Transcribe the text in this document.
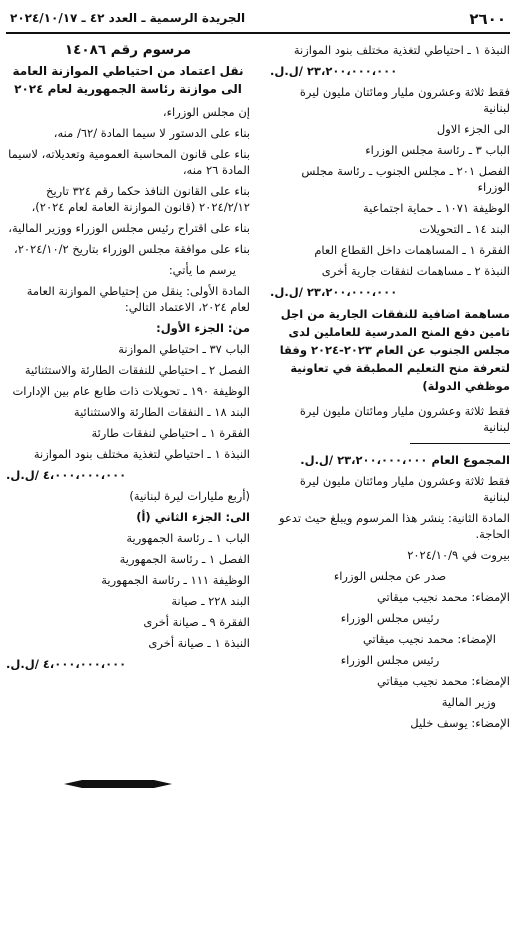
٢٦٠٠
الجريدة الرسمية ـ العدد ٤٢ ـ ٢٠٢٤/١٠/١٧
النبذة ١ ـ احتياطي لتغذية مختلف بنود الموازنة
٢٣،٢٠٠،٠٠٠،٠٠٠ /ل.ل.
فقط ثلاثة وعشرون مليار ومائتان مليون ليرة لبنانية
الى الجزء الاول
الباب ٣ ـ رئاسة مجلس الوزراء
الفصل ٢٠١ ـ مجلس الجنوب ـ رئاسة مجلس الوزراء
الوظيفة ١٠٧١ ـ حماية اجتماعية
البند ١٤ ـ التحويلات
الفقرة ١ ـ المساهمات داخل القطاع العام
النبذة ٢ ـ مساهمات لنفقات جارية أخرى
٢٣،٢٠٠،٠٠٠،٠٠٠ /ل.ل.
مساهمة اضافية للنفقات الجارية من اجل تامين دفع المنح المدرسية للعاملين لدى مجلس الجنوب عن العام ٢٠٢٣-٢٠٢٤ وفقا لتعرفة منح التعليم المطبقة في تعاونية موظفي الدولة)
فقط ثلاثة وعشرون مليار ومائتان مليون ليرة لبنانية
المجموع العام ٢٣،٢٠٠،٠٠٠،٠٠٠ /ل.ل.
فقط ثلاثة وعشرون مليار ومائتان مليون ليرة لبنانية
المادة الثانية: ينشر هذا المرسوم ويبلغ حيث تدعو الحاجة.
بيروت في ٢٠٢٤/١٠/٩
صدر عن مجلس الوزراء
الإمضاء: محمد نجيب ميقاتي
رئيس مجلس الوزراء
الإمضاء: محمد نجيب ميقاتي
رئيس مجلس الوزراء
الإمضاء: محمد نجيب ميقاتي
وزير المالية
الإمضاء: يوسف خليل
مرسوم رقم ١٤٠٨٦
نقل اعتماد من احتياطي الموازنة العامة الى موازنة رئاسة الجمهورية لعام ٢٠٢٤
إن مجلس الوزراء،
بناء على الدستور لا سيما المادة /٦٢/ منه،
بناء على قانون المحاسبة العمومية وتعديلاته، لاسيما المادة ٢٦ منه،
بناء على القانون النافذ حكما رقم ٣٢٤ تاريخ ٢٠٢٤/٢/١٢ (قانون الموازنة العامة لعام ٢٠٢٤)،
بناء على اقتراح رئيس مجلس الوزراء ووزير المالية،
بناء على موافقة مجلس الوزراء بتاريخ ٢٠٢٤/١٠/٢،
يرسم ما يأتي:
المادة الأولى: ينقل من إحتياطي الموازنة العامة لعام ٢٠٢٤، الاعتماد التالي:
من: الجزء الأول:
الباب ٣٧ ـ احتياطي الموازنة
الفصل ٢ ـ احتياطي للنفقات الطارئة والاستثنائية
الوظيفة ١٩٠ ـ تحويلات ذات طابع عام بين الإدارات
البند ١٨ ـ النفقات الطارئة والاستثنائية
الفقرة ١ ـ احتياطي لنفقات طارئة
النبذة ١ ـ احتياطي لتغذية مختلف بنود الموازنة
٤،٠٠٠،٠٠٠،٠٠٠ /ل.ل.
(أربع مليارات ليرة لبنانية)
الى: الجزء الثاني (أ)
الباب ١ ـ رئاسة الجمهورية
الفصل ١ ـ رئاسة الجمهورية
الوظيفة ١١١ ـ رئاسة الجمهورية
البند ٢٢٨ ـ صيانة
الفقرة ٩ ـ صيانة أخرى
النبذة ١ ـ صيانة أخرى
٤،٠٠٠،٠٠٠،٠٠٠ /ل.ل.
